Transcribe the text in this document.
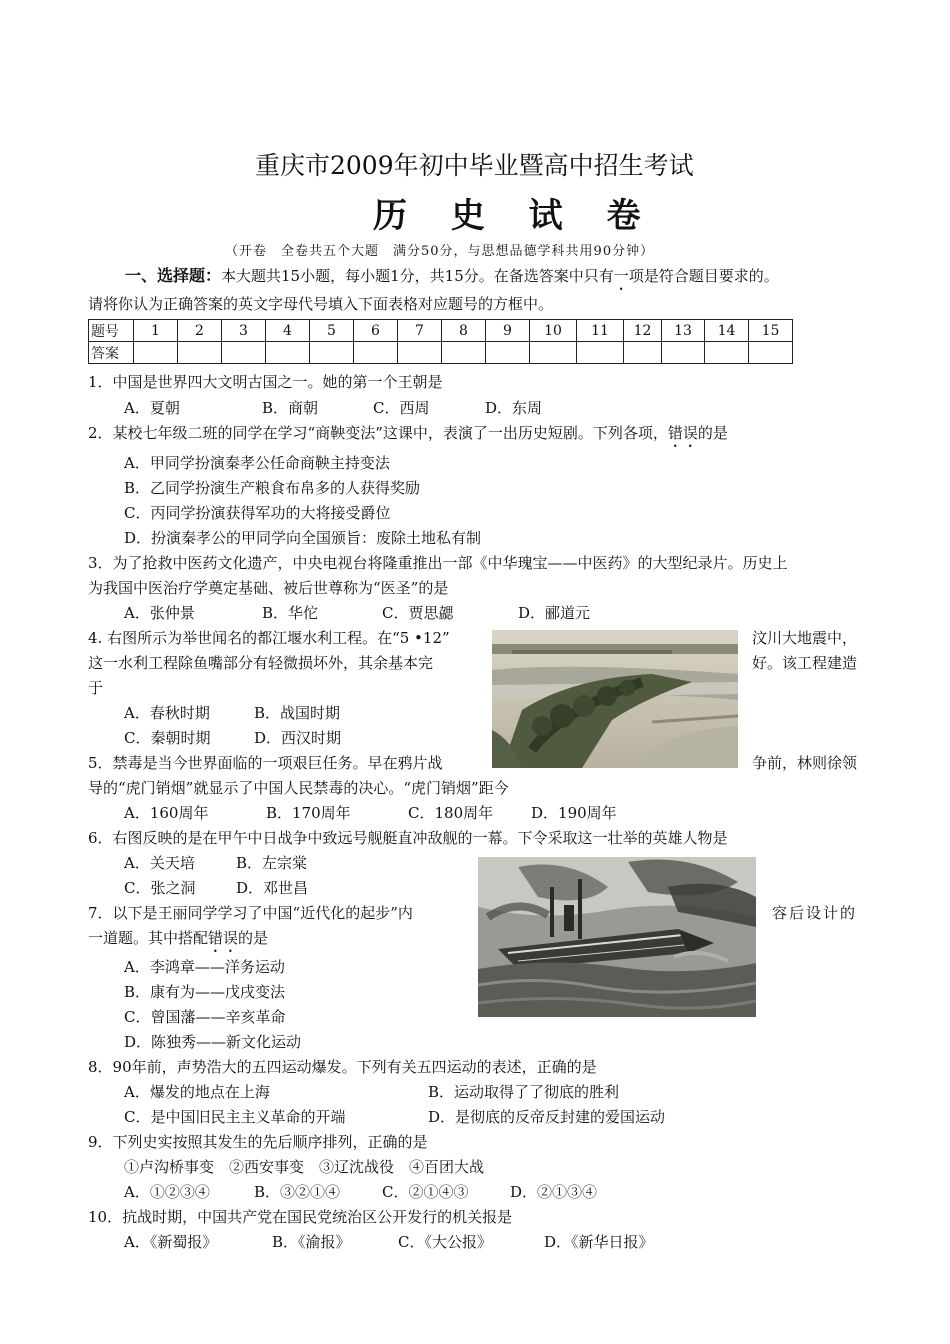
重庆市2009年初中毕业暨高中招生考试
历 史 试 卷
（开卷　全卷共五个大题　满分50分，与思想品德学科共用90分钟）
一、选择题：本大题共15小题，每小题1分，共15分。在备选答案中只有一项是符合题目要求的。
请将你认为正确答案的英文字母代号填入下面表格对应题号的方框中。
题号	1	2	3	4	5	6	7	8	9	10	11	12	13	14	15
答案															
1．中国是世界四大文明古国之一。她的第一个王朝是
A．夏朝	B．商朝	C．西周	D．东周
2．某校七年级二班的同学在学习“商鞅变法”这课中，表演了一出历史短剧。下列各项，错误的是
A．甲同学扮演秦孝公任命商鞅主持变法
B．乙同学扮演生产粮食布帛多的人获得奖励
C．丙同学扮演获得军功的大将接受爵位
D．扮演秦孝公的甲同学向全国颁旨：废除土地私有制
3．为了抢救中医药文化遗产，中央电视台将隆重推出一部《中华瑰宝——中医药》的大型纪录片。历史上
为我国中医治疗学奠定基础、被后世尊称为“医圣”的是
A．张仲景	B．华佗	C．贾思勰	D．郦道元
4. 右图所示为举世闻名的都江堰水利工程。在“5 •12”	汶川大地震中，
这一水利工程除鱼嘴部分有轻微损坏外，其余基本完	好。该工程建造
于
A．春秋时期	B．战国时期
C．秦朝时期	D．西汉时期
5．禁毒是当今世界面临的一项艰巨任务。早在鸦片战	争前，林则徐领
导的“虎门销烟”就显示了中国人民禁毒的决心。“虎门销烟”距今
A．160周年	B．170周年	C．180周年	D．190周年
6．右图反映的是在甲午中日战争中致远号舰艇直冲敌舰的一幕。下令采取这一壮举的英雄人物是
A．关天培	B．左宗棠
C．张之洞	D．邓世昌
7．以下是王丽同学学习了中国“近代化的起步”内	容后设计的
一道题。其中搭配错误的是
A．李鸿章——洋务运动
B．康有为——戊戌变法
C．曾国藩——辛亥革命
D．陈独秀——新文化运动
8．90年前，声势浩大的五四运动爆发。下列有关五四运动的表述，正确的是
A．爆发的地点在上海	B．运动取得了了彻底的胜利
C．是中国旧民主主义革命的开端	D．是彻底的反帝反封建的爱国运动
9．下列史实按照其发生的先后顺序排列，正确的是
①卢沟桥事变　②西安事变　③辽沈战役　④百团大战
A．①②③④	B．③②①④	C．②①④③	D．②①③④
10．抗战时期，中国共产党在国民党统治区公开发行的机关报是
A．《新蜀报》	B．《渝报》	C．《大公报》	D．《新华日报》
